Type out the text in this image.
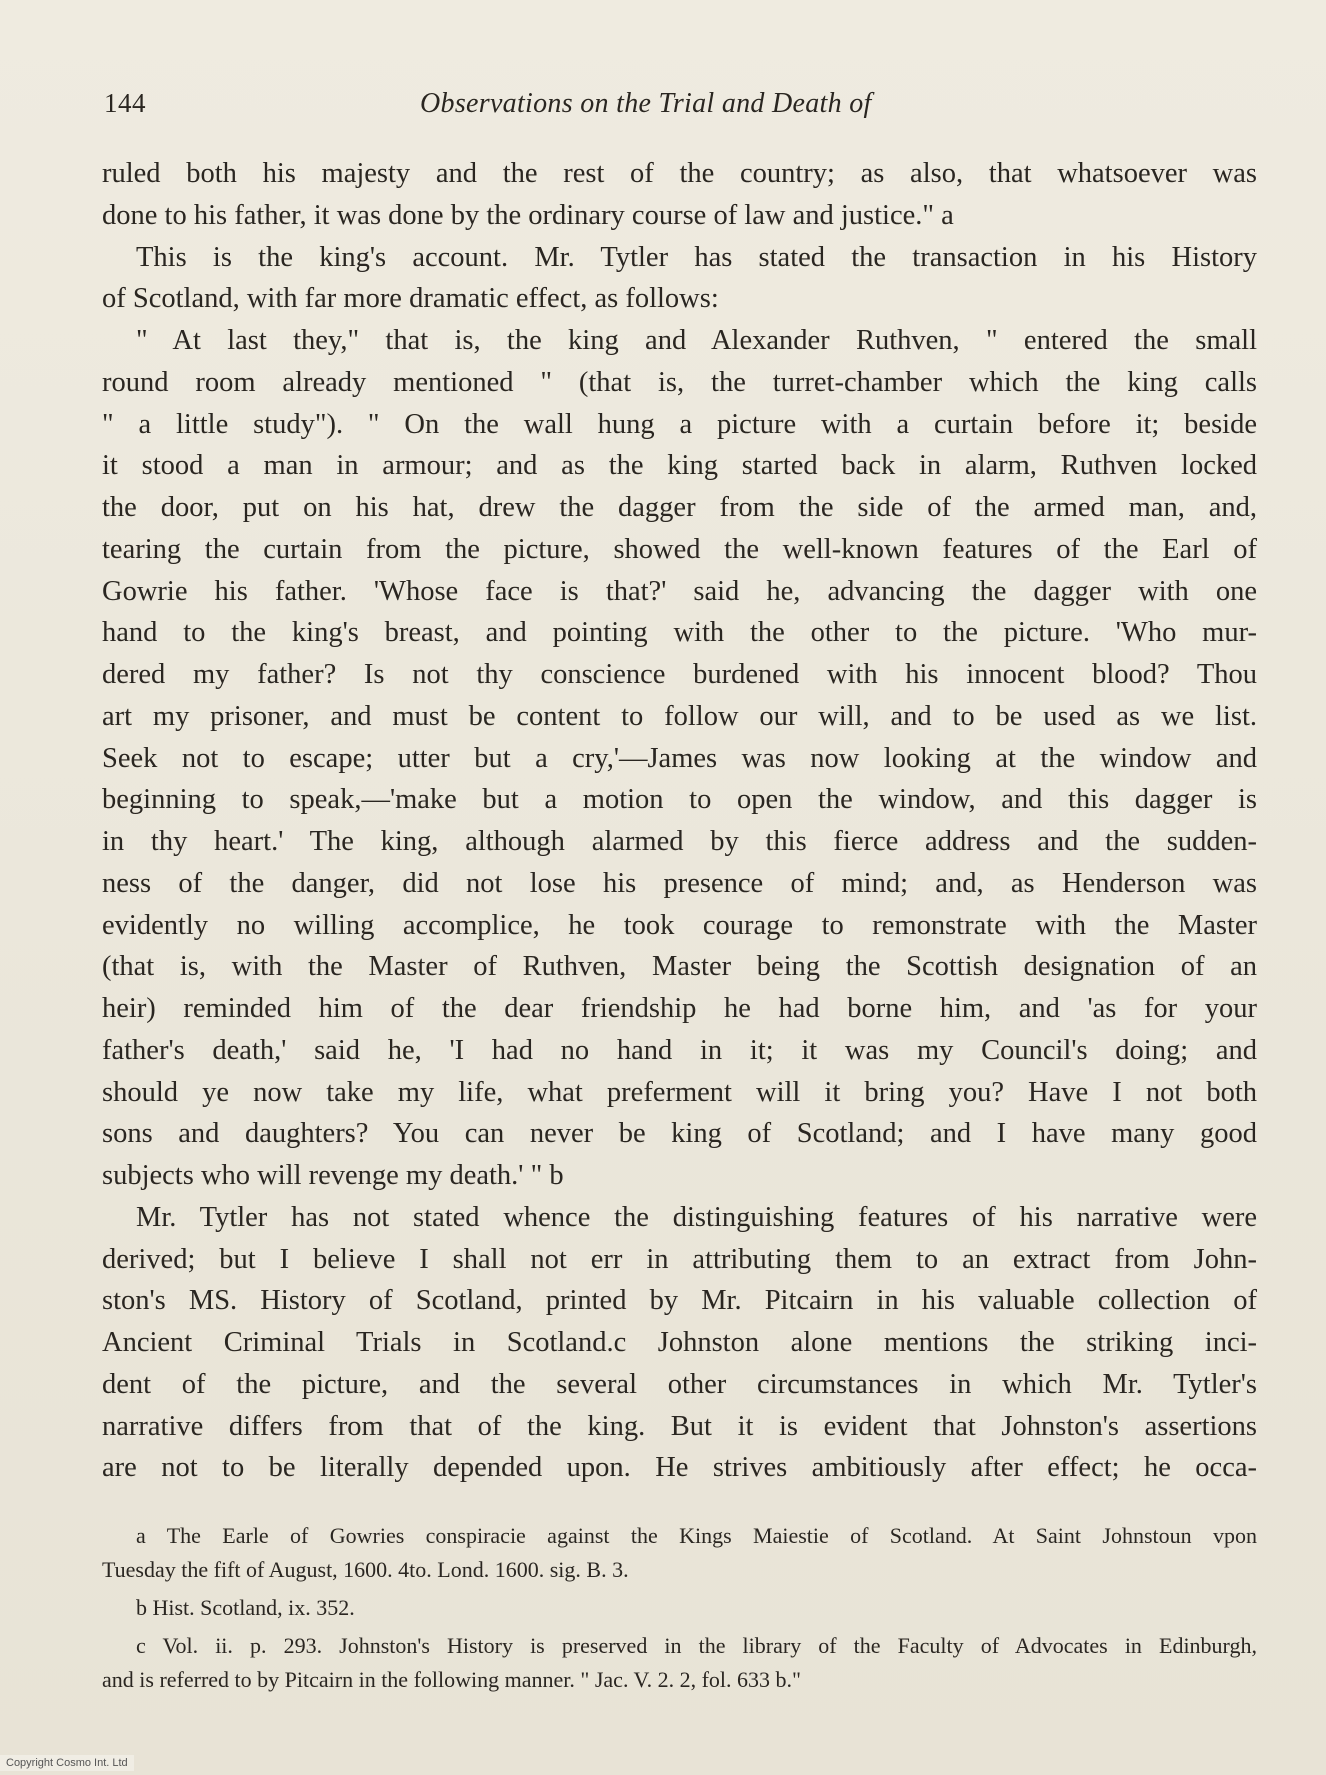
144	Observations on the Trial and Death of
ruled both his majesty and the rest of the country; as also, that whatsoever was
done to his father, it was done by the ordinary course of law and justice." a
This is the king's account. Mr. Tytler has stated the transaction in his History
of Scotland, with far more dramatic effect, as follows:
" At last they," that is, the king and Alexander Ruthven, " entered the small
round room already mentioned " (that is, the turret-chamber which the king calls
" a little study"). " On the wall hung a picture with a curtain before it; beside
it stood a man in armour; and as the king started back in alarm, Ruthven locked
the door, put on his hat, drew the dagger from the side of the armed man, and,
tearing the curtain from the picture, showed the well-known features of the Earl of
Gowrie his father. 'Whose face is that?' said he, advancing the dagger with one
hand to the king's breast, and pointing with the other to the picture. 'Who mur-
dered my father? Is not thy conscience burdened with his innocent blood? Thou
art my prisoner, and must be content to follow our will, and to be used as we list.
Seek not to escape; utter but a cry,'—James was now looking at the window and
beginning to speak,—'make but a motion to open the window, and this dagger is
in thy heart.' The king, although alarmed by this fierce address and the sudden-
ness of the danger, did not lose his presence of mind; and, as Henderson was
evidently no willing accomplice, he took courage to remonstrate with the Master
(that is, with the Master of Ruthven, Master being the Scottish designation of an
heir) reminded him of the dear friendship he had borne him, and 'as for your
father's death,' said he, 'I had no hand in it; it was my Council's doing; and
should ye now take my life, what preferment will it bring you? Have I not both
sons and daughters? You can never be king of Scotland; and I have many good
subjects who will revenge my death.' " b
Mr. Tytler has not stated whence the distinguishing features of his narrative were
derived; but I believe I shall not err in attributing them to an extract from John-
ston's MS. History of Scotland, printed by Mr. Pitcairn in his valuable collection of
Ancient Criminal Trials in Scotland.c Johnston alone mentions the striking inci-
dent of the picture, and the several other circumstances in which Mr. Tytler's
narrative differs from that of the king. But it is evident that Johnston's assertions
are not to be literally depended upon. He strives ambitiously after effect; he occa-
a The Earle of Gowries conspiracie against the Kings Maiestie of Scotland. At Saint Johnstoun vpon
Tuesday the fift of August, 1600. 4to. Lond. 1600. sig. B. 3.
b Hist. Scotland, ix. 352.
c Vol. ii. p. 293. Johnston's History is preserved in the library of the Faculty of Advocates in Edinburgh,
and is referred to by Pitcairn in the following manner. " Jac. V. 2. 2, fol. 633 b."
Copyright Cosmo Int. Ltd
